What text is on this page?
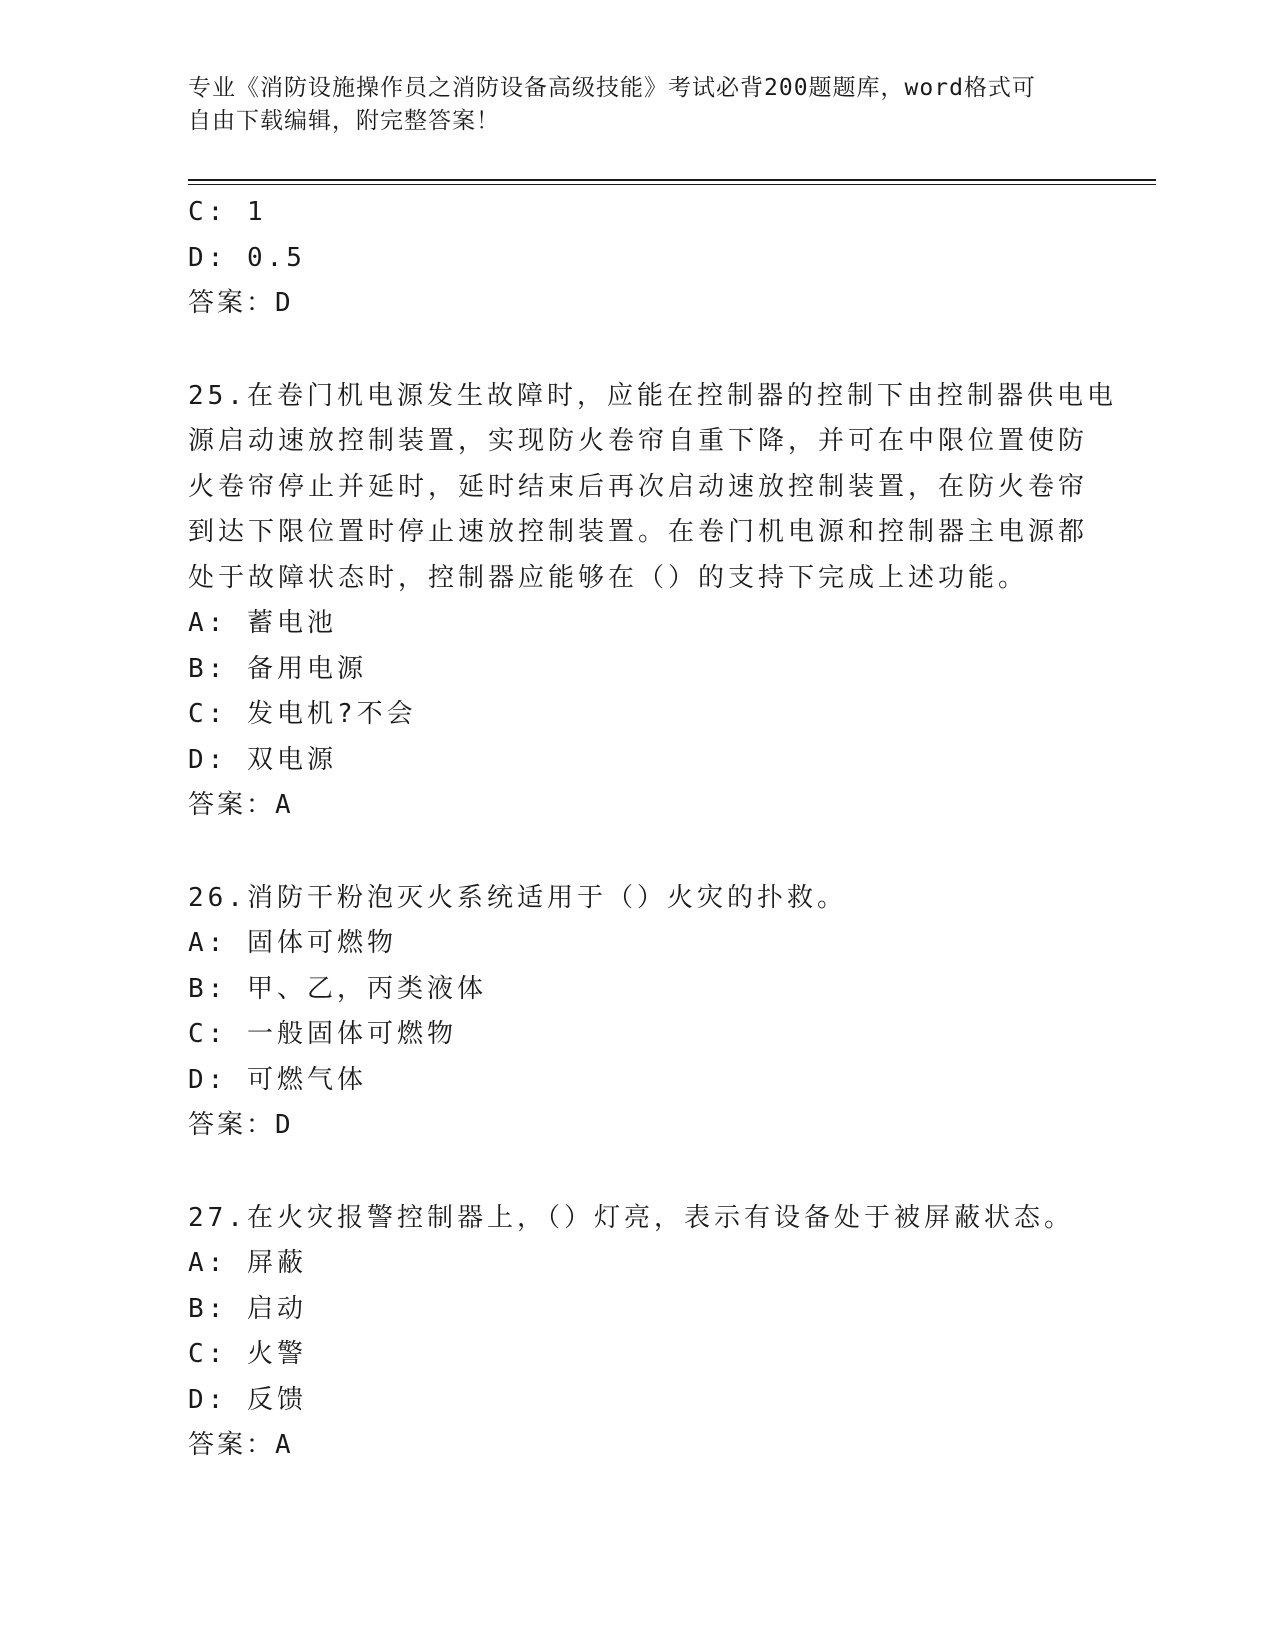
专业《消防设施操作员之消防设备高级技能》考试必背200题题库，word格式可
自由下载编辑，附完整答案！
C: 1
D: 0.5
答案：D
25.在卷门机电源发生故障时，应能在控制器的控制下由控制器供电电
源启动速放控制装置，实现防火卷帘自重下降，并可在中限位置使防
火卷帘停止并延时，延时结束后再次启动速放控制装置，在防火卷帘
到达下限位置时停止速放控制装置。在卷门机电源和控制器主电源都
处于故障状态时，控制器应能够在（）的支持下完成上述功能。
A: 蓄电池
B: 备用电源
C: 发电机?不会
D: 双电源
答案：A
26.消防干粉泡灭火系统适用于（）火灾的扑救。
A: 固体可燃物
B: 甲、乙，丙类液体
C: 一般固体可燃物
D: 可燃气体
答案：D
27.在火灾报警控制器上，（）灯亮，表示有设备处于被屏蔽状态。
A: 屏蔽
B: 启动
C: 火警
D: 反馈
答案：A
